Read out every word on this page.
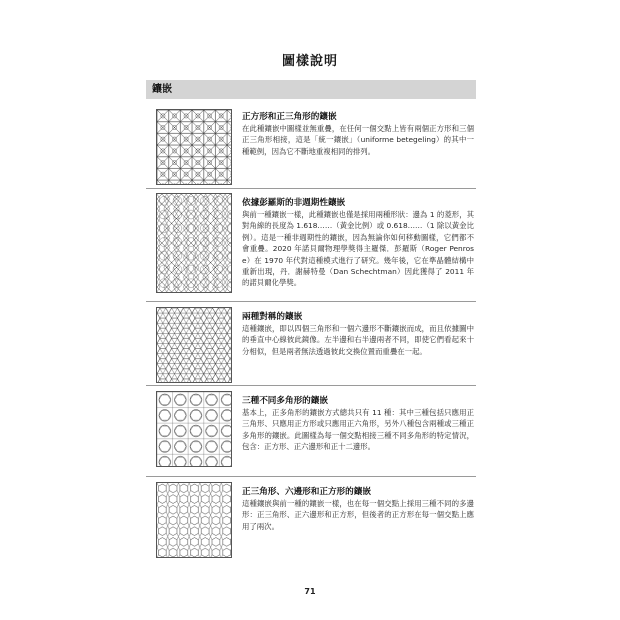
圖樣說明
鑲嵌
正方形和正三角形的鑲嵌
在此種鑲嵌中圖樣並無重疊，在任何一個交點上皆有兩個正方形和三個正三角形相接，這是「統一鑲嵌」（uniforme betegeling）的其中一種範例，因為它不斷地重複相同的排列。
依據彭羅斯的非週期性鑲嵌
與前一種鑲嵌一樣，此種鑲嵌也僅是採用兩種形狀：邊為 1 的菱形，其對角線的長度為 1.618……（黃金比例）或 0.618……（1 除以黃金比例）。這是一種非週期性的鑲嵌，因為無論你如何移動圖樣，它們都不會重疊。2020 年諾貝爾物理學獎得主羅傑．彭羅斯（Roger Penrose）在 1970 年代對這種模式進行了研究。幾年後，它在準晶體結構中重新出現，丹．謝赫特曼（Dan Schechtman）因此獲得了 2011 年的諾貝爾化學獎。
兩種對稱的鑲嵌
這種鑲嵌，即以四個三角形和一個六邊形不斷鑲嵌而成，而且依據圖中的垂直中心線彼此鏡像。左半邊和右半邊兩者不同，即使它們看起來十分相似，但是兩者無法透過彼此交換位置而重疊在一起。
三種不同多角形的鑲嵌
基本上，正多角形的鑲嵌方式總共只有 11 種：其中三種包括只應用正三角形、只應用正方形或只應用正六角形，另外八種包含兩種或三種正多角形的鑲嵌。此圖樣為每一個交點相接三種不同多角形的特定情況，包含：正方形、正六邊形和正十二邊形。
正三角形、六邊形和正方形的鑲嵌
這種鑲嵌與前一種的鑲嵌一樣，也在每一個交點上採用三種不同的多邊形：正三角形、正六邊形和正方形，但後者的正方形在每一個交點上應用了兩次。
71
